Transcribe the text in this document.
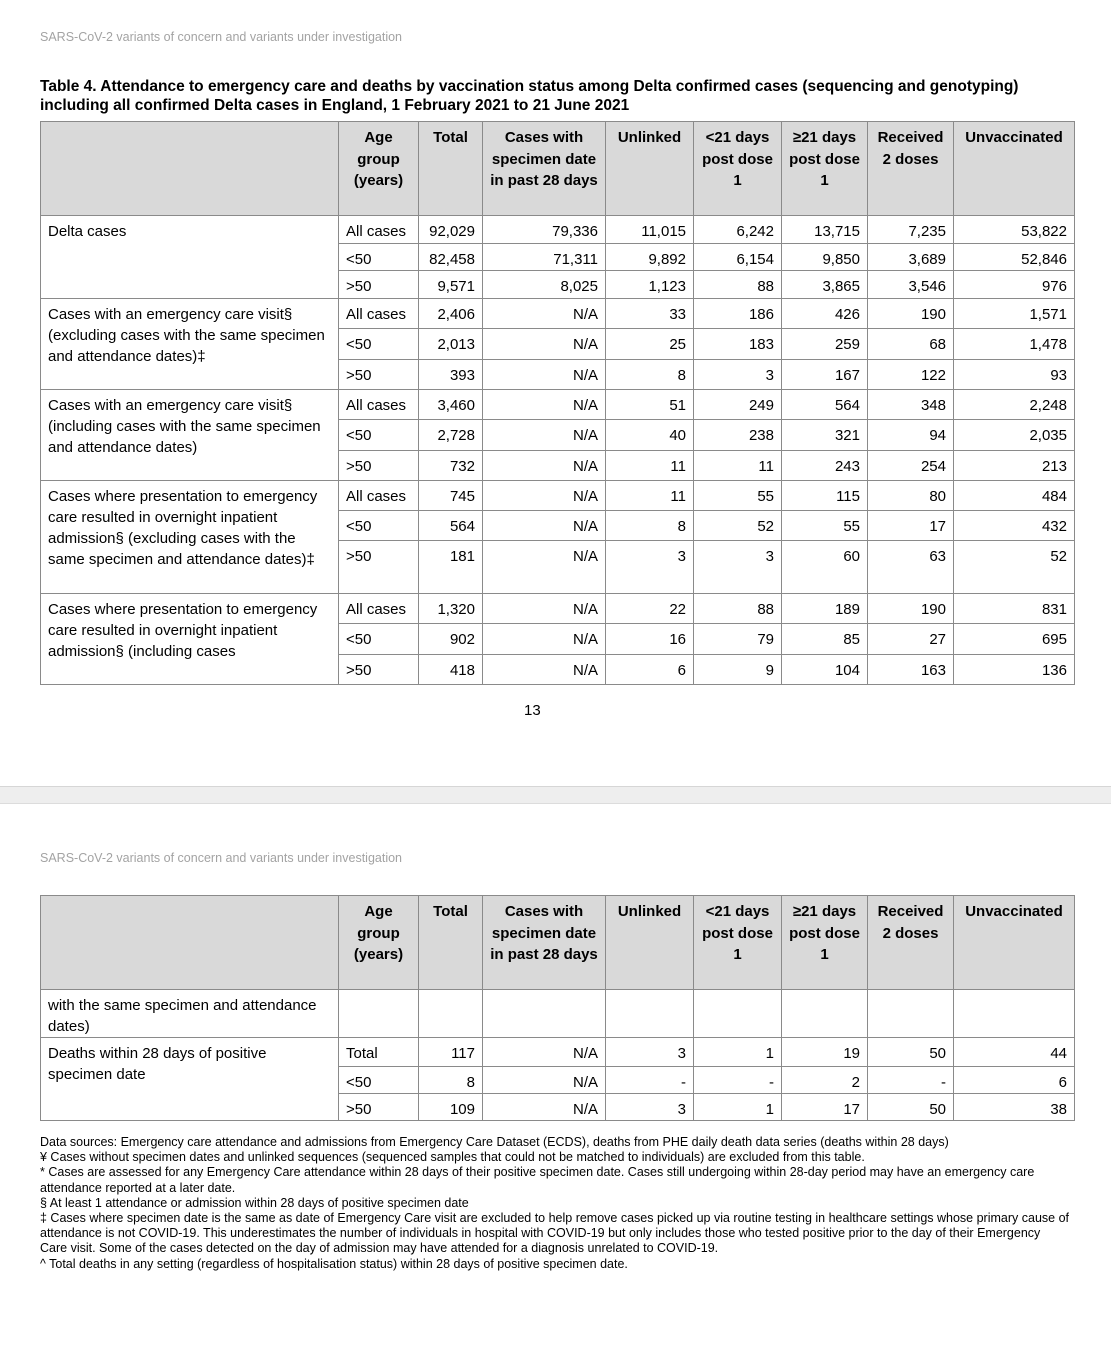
SARS-CoV-2 variants of concern and variants under investigation
Table 4. Attendance to emergency care and deaths by vaccination status among Delta confirmed cases (sequencing and genotyping) including all confirmed Delta cases in England, 1 February 2021 to 21 June 2021
	Age group (years)	Total	Cases with specimen date in past 28 days	Unlinked	<21 days post dose 1	≥21 days post dose 1	Received 2 doses	Unvaccinated
Delta cases	All cases	92,029	79,336	11,015	6,242	13,715	7,235	53,822
	<50	82,458	71,311	9,892	6,154	9,850	3,689	52,846
	>50	9,571	8,025	1,123	88	3,865	3,546	976
Cases with an emergency care visit§ (excluding cases with the same specimen and attendance dates)‡	All cases	2,406	N/A	33	186	426	190	1,571
	<50	2,013	N/A	25	183	259	68	1,478
	>50	393	N/A	8	3	167	122	93
Cases with an emergency care visit§ (including cases with the same specimen and attendance dates)	All cases	3,460	N/A	51	249	564	348	2,248
	<50	2,728	N/A	40	238	321	94	2,035
	>50	732	N/A	11	11	243	254	213
Cases where presentation to emergency care resulted in overnight inpatient admission§ (excluding cases with the same specimen and attendance dates)‡	All cases	745	N/A	11	55	115	80	484
	<50	564	N/A	8	52	55	17	432
	>50	181	N/A	3	3	60	63	52
Cases where presentation to emergency care resulted in overnight inpatient admission§ (including cases	All cases	1,320	N/A	22	88	189	190	831
	<50	902	N/A	16	79	85	27	695
	>50	418	N/A	6	9	104	163	136
13
SARS-CoV-2 variants of concern and variants under investigation
	Age group (years)	Total	Cases with specimen date in past 28 days	Unlinked	<21 days post dose 1	≥21 days post dose 1	Received 2 doses	Unvaccinated
with the same specimen and attendance dates)								
Deaths within 28 days of positive specimen date	Total	117	N/A	3	1	19	50	44
	<50	8	N/A	-	-	2	-	6
	>50	109	N/A	3	1	17	50	38
Data sources: Emergency care attendance and admissions from Emergency Care Dataset (ECDS), deaths from PHE daily death data series (deaths within 28 days)
¥ Cases without specimen dates and unlinked sequences (sequenced samples that could not be matched to individuals) are excluded from this table.
* Cases are assessed for any Emergency Care attendance within 28 days of their positive specimen date. Cases still undergoing within 28-day period may have an emergency care attendance reported at a later date.
§ At least 1 attendance or admission within 28 days of positive specimen date
‡ Cases where specimen date is the same as date of Emergency Care visit are excluded to help remove cases picked up via routine testing in healthcare settings whose primary cause of attendance is not COVID-19. This underestimates the number of individuals in hospital with COVID-19 but only includes those who tested positive prior to the day of their Emergency Care visit. Some of the cases detected on the day of admission may have attended for a diagnosis unrelated to COVID-19.
^ Total deaths in any setting (regardless of hospitalisation status) within 28 days of positive specimen date.
